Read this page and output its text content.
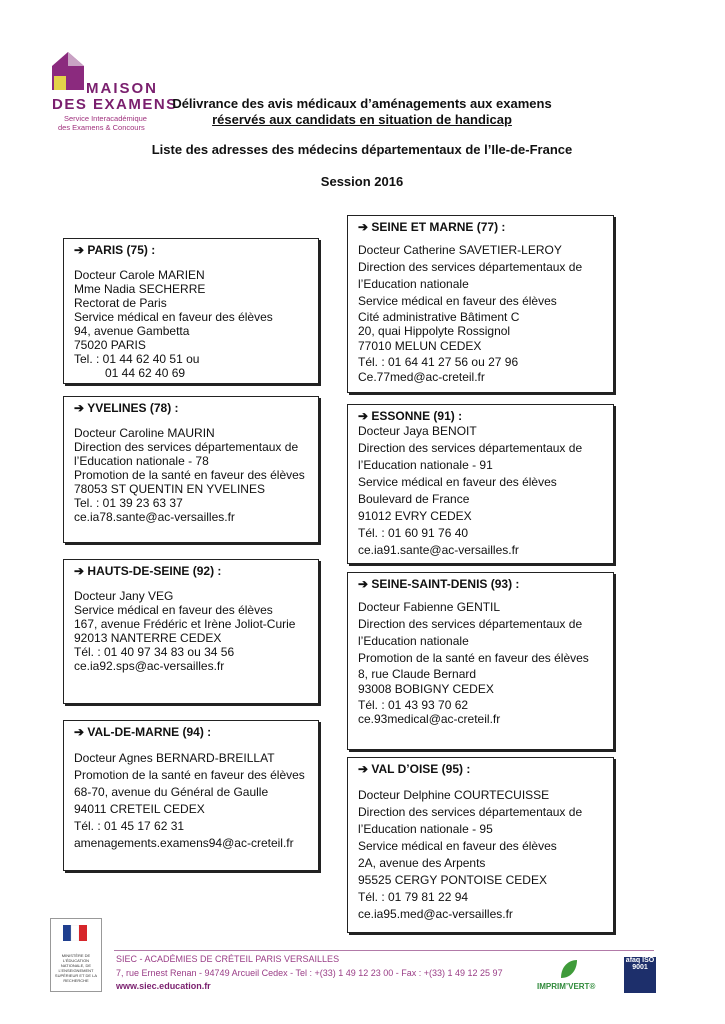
MAISON
DES EXAMENS
Service Interacadémique
des Examens & Concours
Délivrance des avis médicaux d’aménagements aux examens
réservés aux candidats en situation de handicap
Liste des adresses des médecins départementaux de l’Ile-de-France
Session 2016
➔ PARIS (75) :
Docteur Carole MARIEN
Mme Nadia SECHERRE
Rectorat de Paris
Service médical en faveur des élèves
94, avenue Gambetta
75020 PARIS
Tel. : 01 44 62 40 51 ou
01 44 62 40 69
➔ YVELINES (78) :
Docteur Caroline MAURIN
Direction des services départementaux de
l’Education nationale - 78
Promotion de la santé en faveur des élèves
78053 ST QUENTIN EN YVELINES
Tel. : 01 39 23 63 37
ce.ia78.sante@ac-versailles.fr
➔ HAUTS-DE-SEINE (92) :
Docteur Jany VEG
Service médical en faveur des élèves
167, avenue Frédéric et Irène Joliot-Curie
92013 NANTERRE CEDEX
Tél. : 01 40 97 34 83 ou 34 56
ce.ia92.sps@ac-versailles.fr
➔ VAL-DE-MARNE (94) :
Docteur Agnes BERNARD-BREILLAT
Promotion de la santé en faveur des élèves
68-70, avenue du Général de Gaulle
94011 CRETEIL CEDEX
Tél. : 01 45 17 62 31
amenagements.examens94@ac-creteil.fr
➔ SEINE ET MARNE (77) :
Docteur Catherine SAVETIER-LEROY
Direction des services départementaux de
l’Education nationale
Service médical en faveur des élèves
Cité administrative Bâtiment C
20, quai Hippolyte Rossignol
77010 MELUN CEDEX
Tél. : 01 64 41 27 56 ou 27 96
Ce.77med@ac-creteil.fr
➔ ESSONNE (91) :
Docteur Jaya BENOIT
Direction des services départementaux de
l’Education nationale - 91
Service médical en faveur des élèves
Boulevard de France
91012 EVRY CEDEX
Tél. : 01 60 91 76 40
ce.ia91.sante@ac-versailles.fr
➔ SEINE-SAINT-DENIS (93) :
Docteur Fabienne GENTIL
Direction des services départementaux de
l’Education nationale
Promotion de la santé en faveur des élèves
8, rue Claude Bernard
93008 BOBIGNY CEDEX
Tél. : 01 43 93 70 62
ce.93medical@ac-creteil.fr
➔ VAL D’OISE (95) :
Docteur Delphine COURTECUISSE
Direction des services départementaux de
l’Education nationale - 95
Service médical en faveur des élèves
2A, avenue des Arpents
95525 CERGY PONTOISE CEDEX
Tél. : 01 79 81 22 94
ce.ia95.med@ac-versailles.fr
MINISTÈRE DE L’ÉDUCATION NATIONALE, DE L’ENSEIGNEMENT SUPÉRIEUR ET DE LA RECHERCHE
SIEC - ACADÉMIES DE CRÉTEIL PARIS VERSAILLES
7, rue Ernest Renan - 94749 Arcueil Cedex - Tel : +(33) 1 49 12 23 00 - Fax : +(33) 1 49 12 25 97
www.siec.education.fr	IMPRIM’VERT®
afaq ISO 9001
